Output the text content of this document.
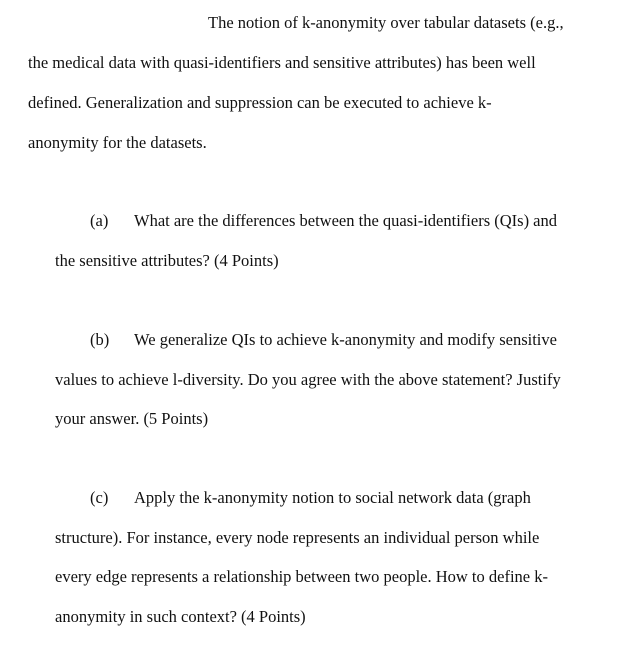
The notion of k-anonymity over tabular datasets (e.g.,
the medical data with quasi-identifiers and sensitive attributes) has been well
defined. Generalization and suppression can be executed to achieve k-
anonymity for the datasets.
(a) What are the differences between the quasi-identifiers (QIs) and
the sensitive attributes? (4 Points)
(b) We generalize QIs to achieve k-anonymity and modify sensitive
values to achieve l-diversity. Do you agree with the above statement? Justify
your answer. (5 Points)
(c) Apply the k-anonymity notion to social network data (graph
structure). For instance, every node represents an individual person while
every edge represents a relationship between two people. How to define k-
anonymity in such context? (4 Points)
